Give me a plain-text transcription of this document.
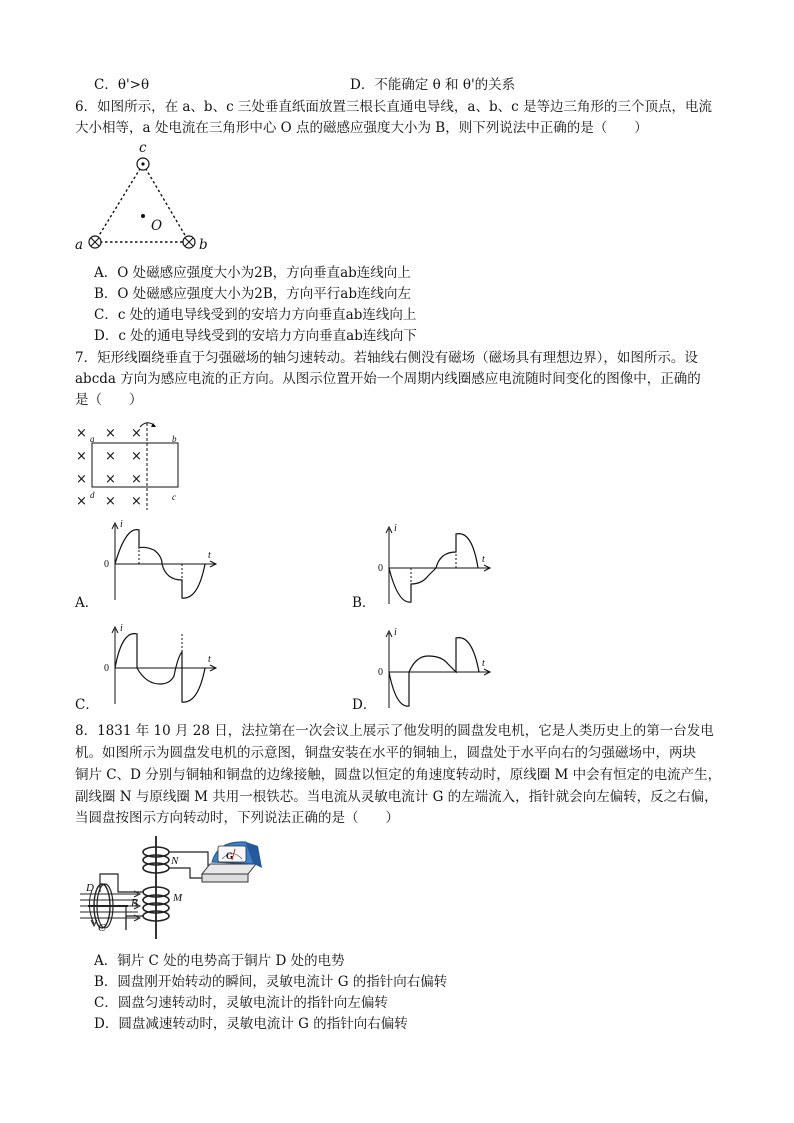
C．θ'>θ	D．不能确定 θ 和 θ'的关系
6．如图所示，在 a、b、c 三处垂直纸面放置三根长直通电导线，a、b、c 是等边三角形的三个顶点，电流
大小相等，a 处电流在三角形中心 O 点的磁感应强度大小为 B，则下列说法中正确的是（　　）
c
a	b
O
A．O 处磁感应强度大小为2B，方向垂直ab连线向上
B．O 处磁感应强度大小为2B，方向平行ab连线向左
C．c 处的通电导线受到的安培力方向垂直ab连线向上
D．c 处的通电导线受到的安培力方向垂直ab连线向下
7．矩形线圈绕垂直于匀强磁场的轴匀速转动。若轴线右侧没有磁场（磁场具有理想边界），如图所示。设
abcda 方向为感应电流的正方向。从图示位置开始一个周期内线圈感应电流随时间变化的图像中，正确的
是（　　）
× × ×
× × ×
× × ×
× × ×
a	b
d	c
i
t
0
A．
i
t
0
B．
i
t
0
C．
i
t
0
D．
8．1831 年 10 月 28 日，法拉第在一次会议上展示了他发明的圆盘发电机，它是人类历史上的第一台发电
机。如图所示为圆盘发电机的示意图，铜盘安装在水平的铜轴上，圆盘处于水平向右的匀强磁场中，两块
铜片 C、D 分别与铜轴和铜盘的边缘接触，圆盘以恒定的角速度转动时，原线圈 M 中会有恒定的电流产生，
副线圈 N 与原线圈 M 共用一根铁芯。当电流从灵敏电流计 G 的左端流入，指针就会向左偏转，反之右偏，
当圆盘按图示方向转动时，下列说法正确的是（　　）
N
M
G
B
D
C
A．铜片 C 处的电势高于铜片 D 处的电势
B．圆盘刚开始转动的瞬间，灵敏电流计 G 的指针向右偏转
C．圆盘匀速转动时，灵敏电流计的指针向左偏转
D．圆盘减速转动时，灵敏电流计 G 的指针向右偏转
